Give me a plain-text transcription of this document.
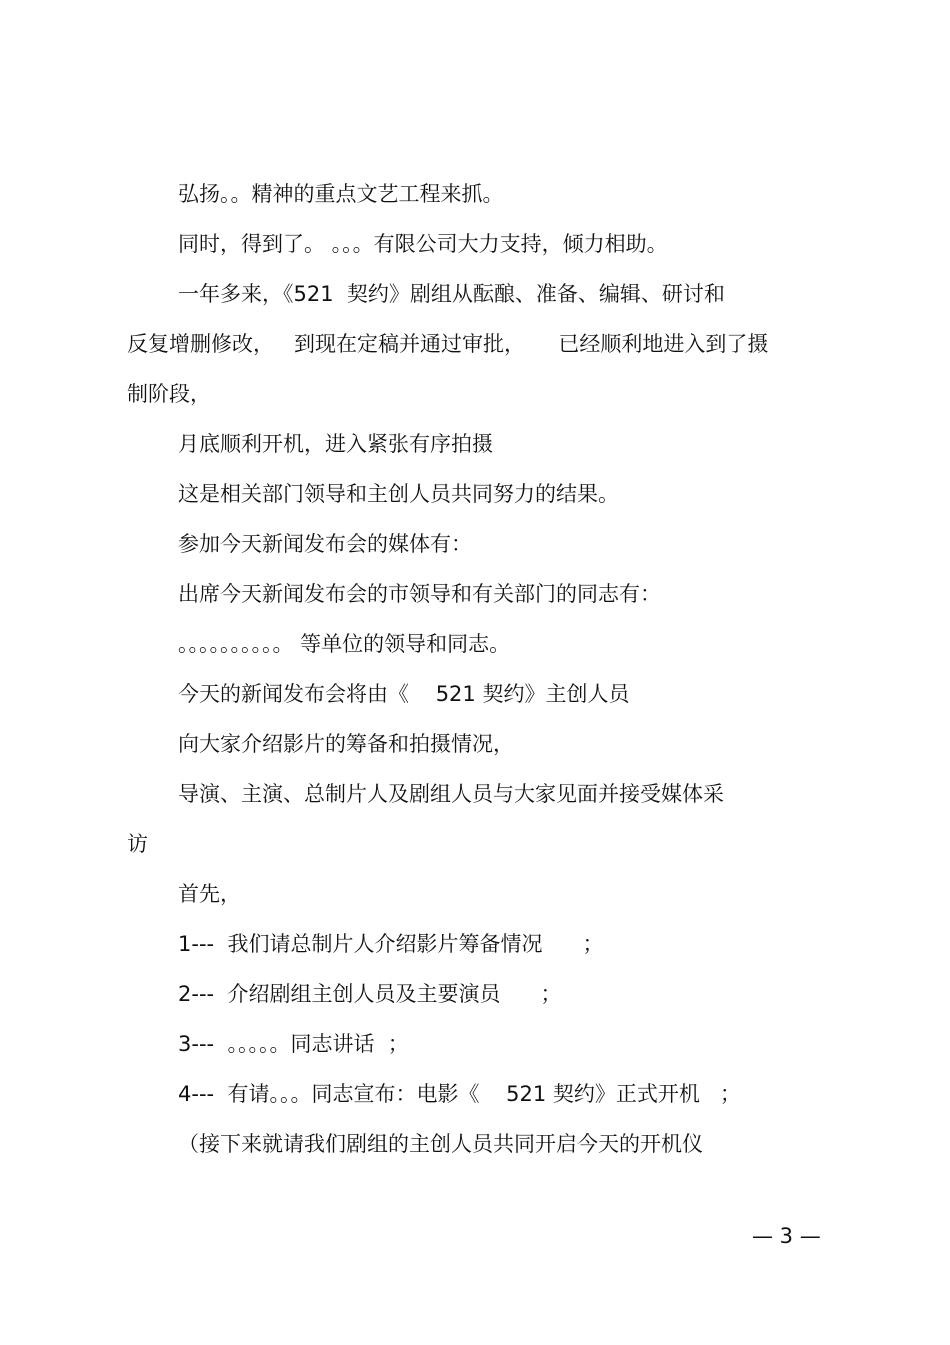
弘扬。。精神的重点文艺工程来抓。
同时，得到了。 。。。有限公司大力支持，倾力相助。
一年多来，《521  契约》剧组从酝酿、准备、编辑、研讨和
反复增删修改，   到现在定稿并通过审批，     已经顺利地进入到了摄
制阶段，
月底顺利开机，进入紧张有序拍摄
这是相关部门领导和主创人员共同努力的结果。
参加今天新闻发布会的媒体有：
出席今天新闻发布会的市领导和有关部门的同志有：
。。。。。。。。。。 等单位的领导和同志。
今天的新闻发布会将由《    521 契约》主创人员
向大家介绍影片的筹备和拍摄情况，
导演、主演、总制片人及剧组人员与大家见面并接受媒体采
访
首先，
1---  我们请总制片人介绍影片筹备情况      ；
2---  介绍剧组主创人员及主要演员      ；
3---  。。。。。同志讲话  ；
4---  有请。。。同志宣布：电影《    521 契约》正式开机   ；
（接下来就请我们剧组的主创人员共同开启今天的开机仪
— 3 —
